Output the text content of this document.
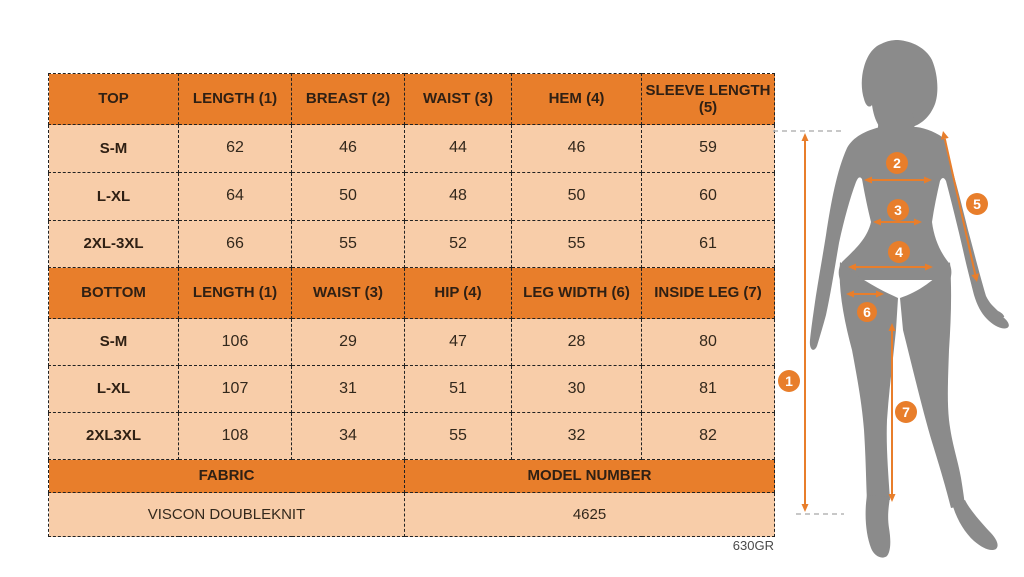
TOP	LENGTH (1)	BREAST (2)	WAIST (3)	HEM (4)	SLEEVE LENGTH (5)
S-M	62	46	44	46	59
L-XL	64	50	48	50	60
2XL-3XL	66	55	52	55	61
BOTTOM	LENGTH (1)	WAIST (3)	HIP (4)	LEG WIDTH (6)	INSIDE LEG (7)
S-M	106	29	47	28	80
L-XL	107	31	51	30	81
2XL3XL	108	34	55	32	82
FABRIC			MODEL NUMBER		
VISCON DOUBLEKNIT			4625		
630GR
1
2
3
4
5
6
7
